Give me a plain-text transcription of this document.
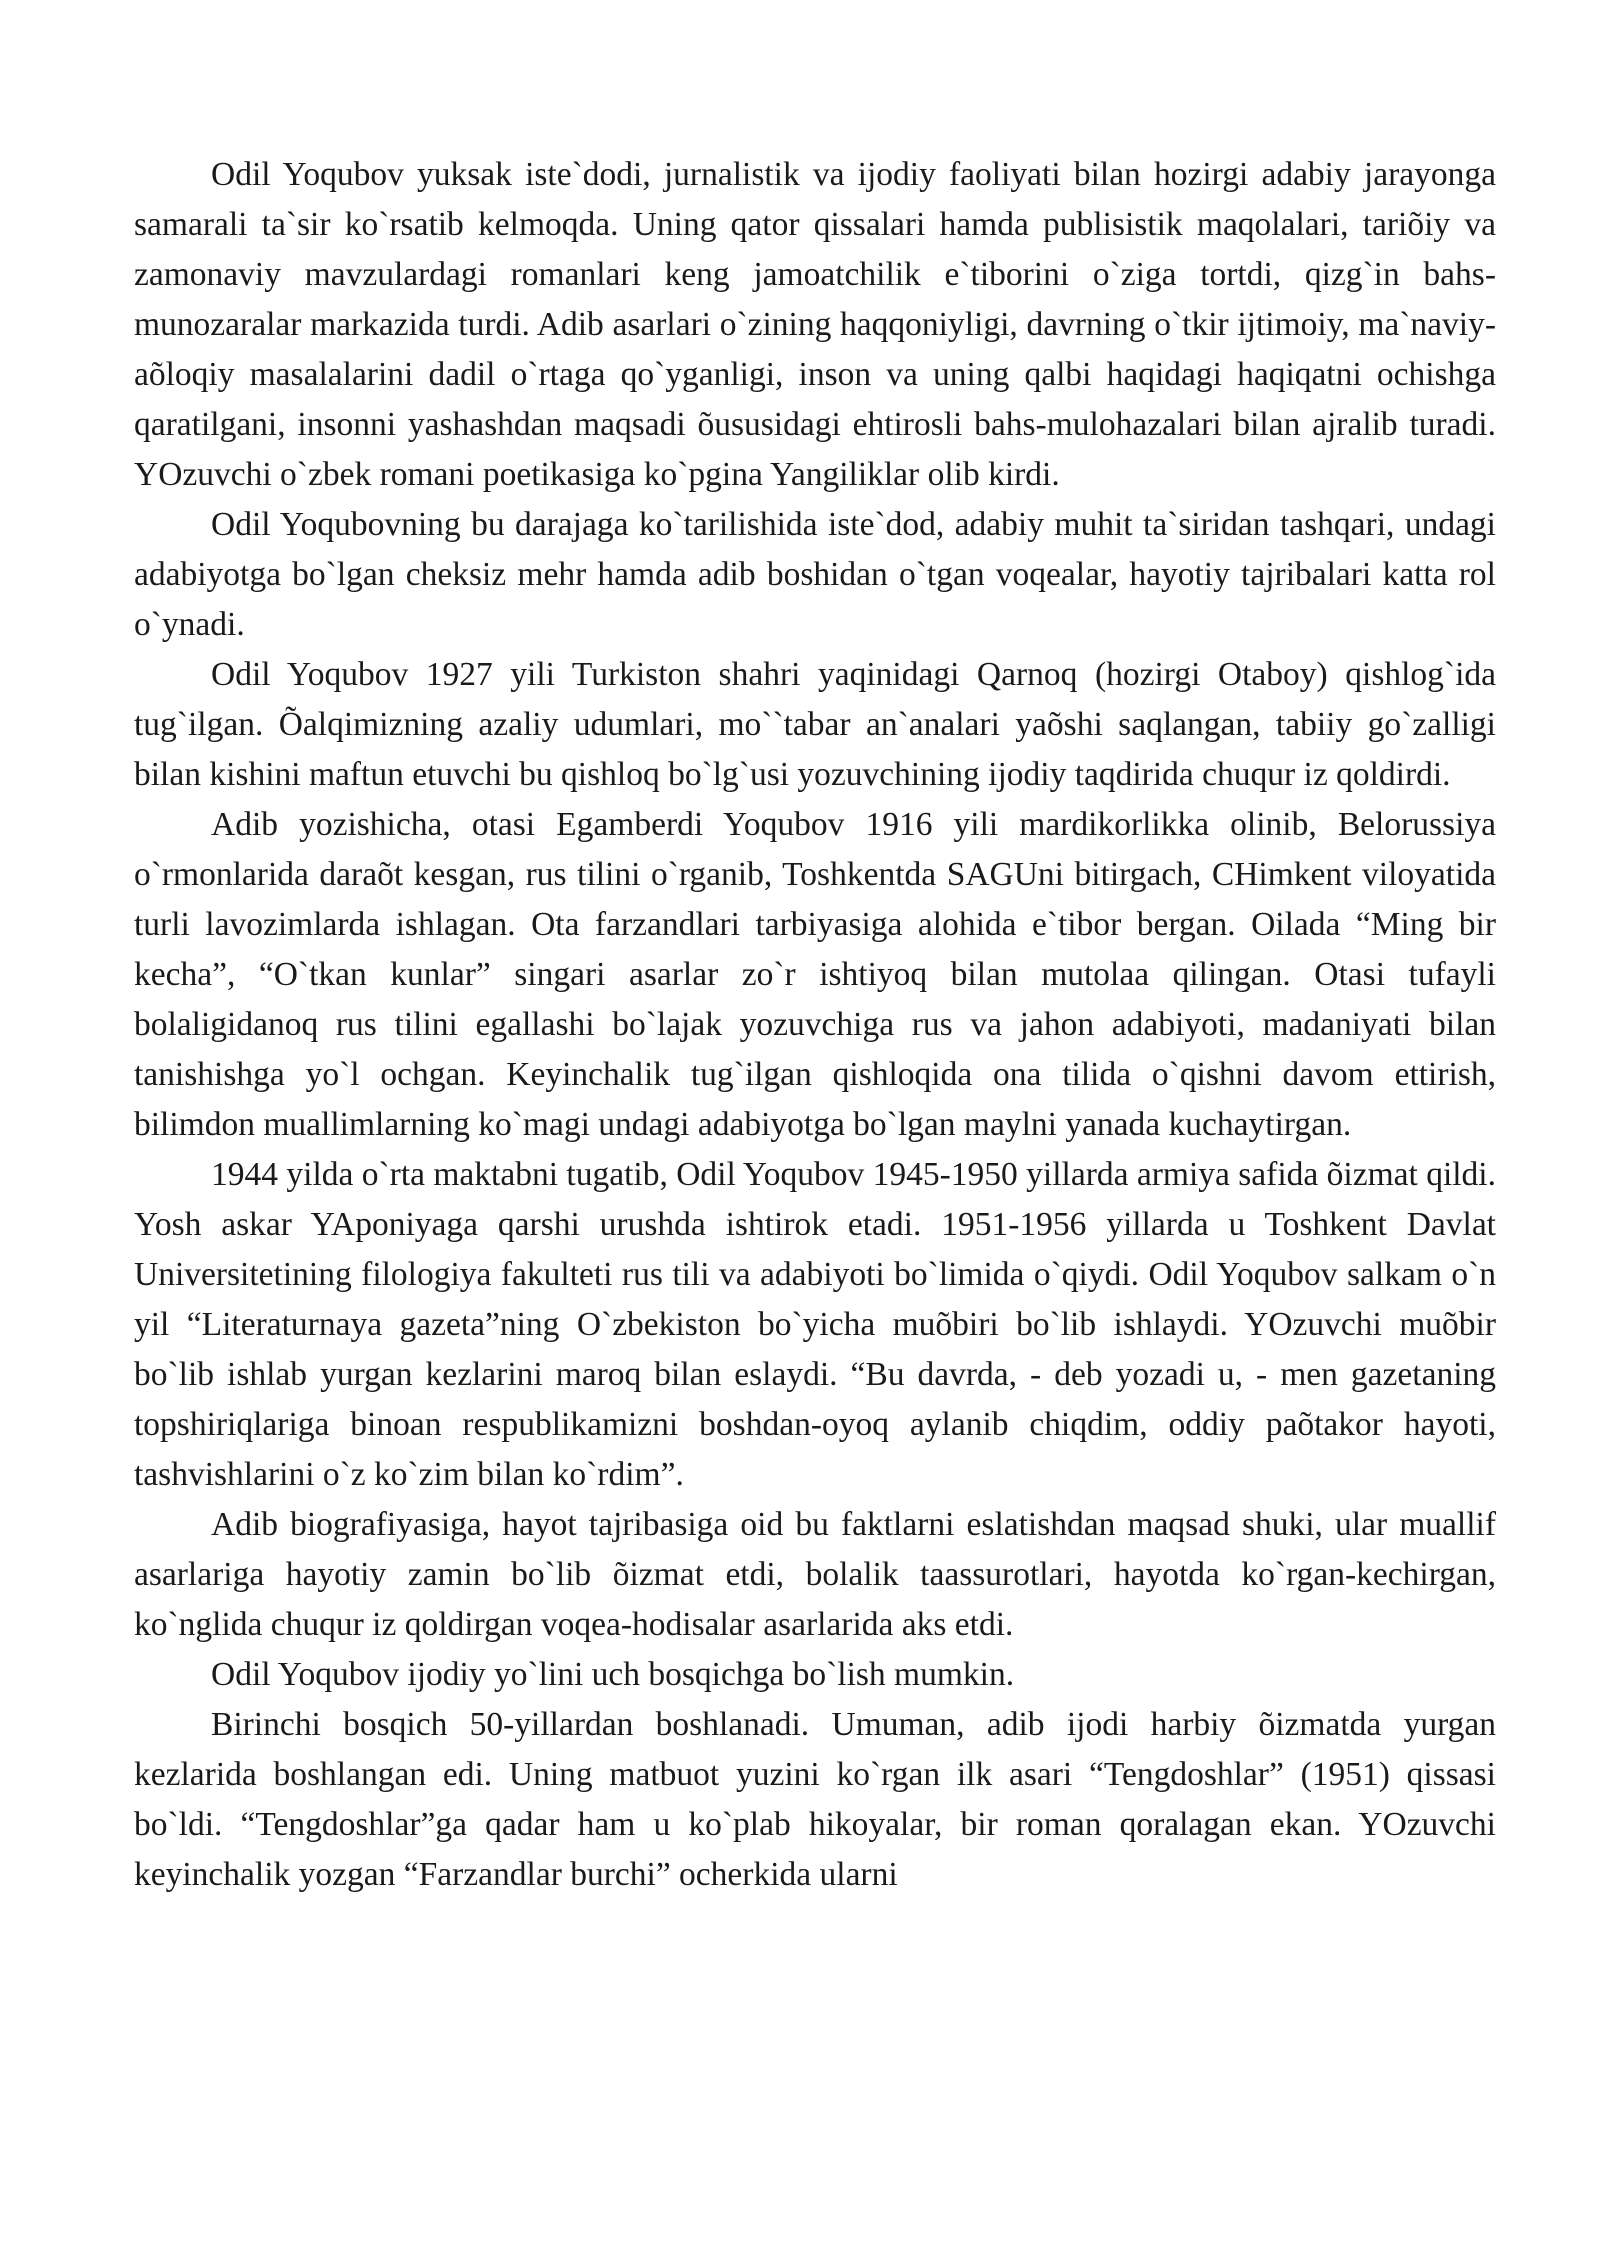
Odil Yoqubov yuksak iste`dodi, jurnalistik va ijodiy faoliyati bilan hozirgi adabiy jarayonga samarali ta`sir ko`rsatib kelmoqda. Uning qator qissalari hamda publisistik maqolalari, tariõiy va zamonaviy mavzulardagi romanlari keng jamoatchilik e`tiborini o`ziga tortdi, qizg`in bahs-munozaralar markazida turdi. Adib asarlari o`zining haqqoniyligi, davrning o`tkir ijtimoiy, ma`naviy-aõloqiy masalalarini dadil o`rtaga qo`yganligi, inson va uning qalbi haqidagi haqiqatni ochishga qaratilgani, insonni yashashdan maqsadi õususidagi ehtirosli bahs-mulohazalari bilan ajralib turadi. YOzuvchi o`zbek romani poetikasiga ko`pgina Yangiliklar olib kirdi.

Odil Yoqubovning bu darajaga ko`tarilishida iste`dod, adabiy muhit ta`siridan tashqari, undagi adabiyotga bo`lgan cheksiz mehr hamda adib boshidan o`tgan voqealar, hayotiy tajribalari katta rol o`ynadi.

Odil Yoqubov 1927 yili Turkiston shahri yaqinidagi Qarnoq (hozirgi Otaboy) qishlog`ida tug`ilgan. Õalqimizning azaliy udumlari, mo``tabar an`analari yaõshi saqlangan, tabiiy go`zalligi bilan kishini maftun etuvchi bu qishloq bo`lg`usi yozuvchining ijodiy taqdirida chuqur iz qoldirdi.

Adib yozishicha, otasi Egamberdi Yoqubov 1916 yili mardikorlikka olinib, Belorussiya o`rmonlarida daraõt kesgan, rus tilini o`rganib, Toshkentda SAGUni bitirgach, CHimkent viloyatida turli lavozimlarda ishlagan. Ota farzandlari tarbiyasiga alohida e`tibor bergan. Oilada “Ming bir kecha”, “O`tkan kunlar” singari asarlar zo`r ishtiyoq bilan mutolaa qilingan. Otasi tufayli bolaligidanoq rus tilini egallashi bo`lajak yozuvchiga rus va jahon adabiyoti, madaniyati bilan tanishishga yo`l ochgan. Keyinchalik tug`ilgan qishloqida ona tilida o`qishni davom ettirish, bilimdon muallimlarning ko`magi undagi adabiyotga bo`lgan maylni yanada kuchaytirgan.

1944 yilda o`rta maktabni tugatib, Odil Yoqubov 1945-1950 yillarda armiya safida õizmat qildi. Yosh askar YAponiyaga qarshi urushda ishtirok etadi. 1951-1956 yillarda u Toshkent Davlat Universitetining filologiya fakulteti rus tili va adabiyoti bo`limida o`qiydi. Odil Yoqubov salkam o`n yil “Literaturnaya gazeta”ning O`zbekiston bo`yicha muõbiri bo`lib ishlaydi. YOzuvchi muõbir bo`lib ishlab yurgan kezlarini maroq bilan eslaydi. “Bu davrda, - deb yozadi u, - men gazetaning topshiriqlariga binoan respublikamizni boshdan-oyoq aylanib chiqdim, oddiy paõtakor hayoti, tashvishlarini o`z ko`zim bilan ko`rdim”.

Adib biografiyasiga, hayot tajribasiga oid bu faktlarni eslatishdan maqsad shuki, ular muallif asarlariga hayotiy zamin bo`lib õizmat etdi, bolalik taassurotlari, hayotda ko`rgan-kechirgan, ko`nglida chuqur iz qoldirgan voqea-hodisalar asarlarida aks etdi.

Odil Yoqubov ijodiy yo`lini uch bosqichga bo`lish mumkin.

Birinchi bosqich 50-yillardan boshlanadi. Umuman, adib ijodi harbiy õizmatda yurgan kezlarida boshlangan edi. Uning matbuot yuzini ko`rgan ilk asari “Tengdoshlar” (1951) qissasi bo`ldi. “Tengdoshlar”ga qadar ham u ko`plab hikoyalar, bir roman qoralagan ekan. YOzuvchi keyinchalik yozgan “Farzandlar burchi” ocherkida ularni
